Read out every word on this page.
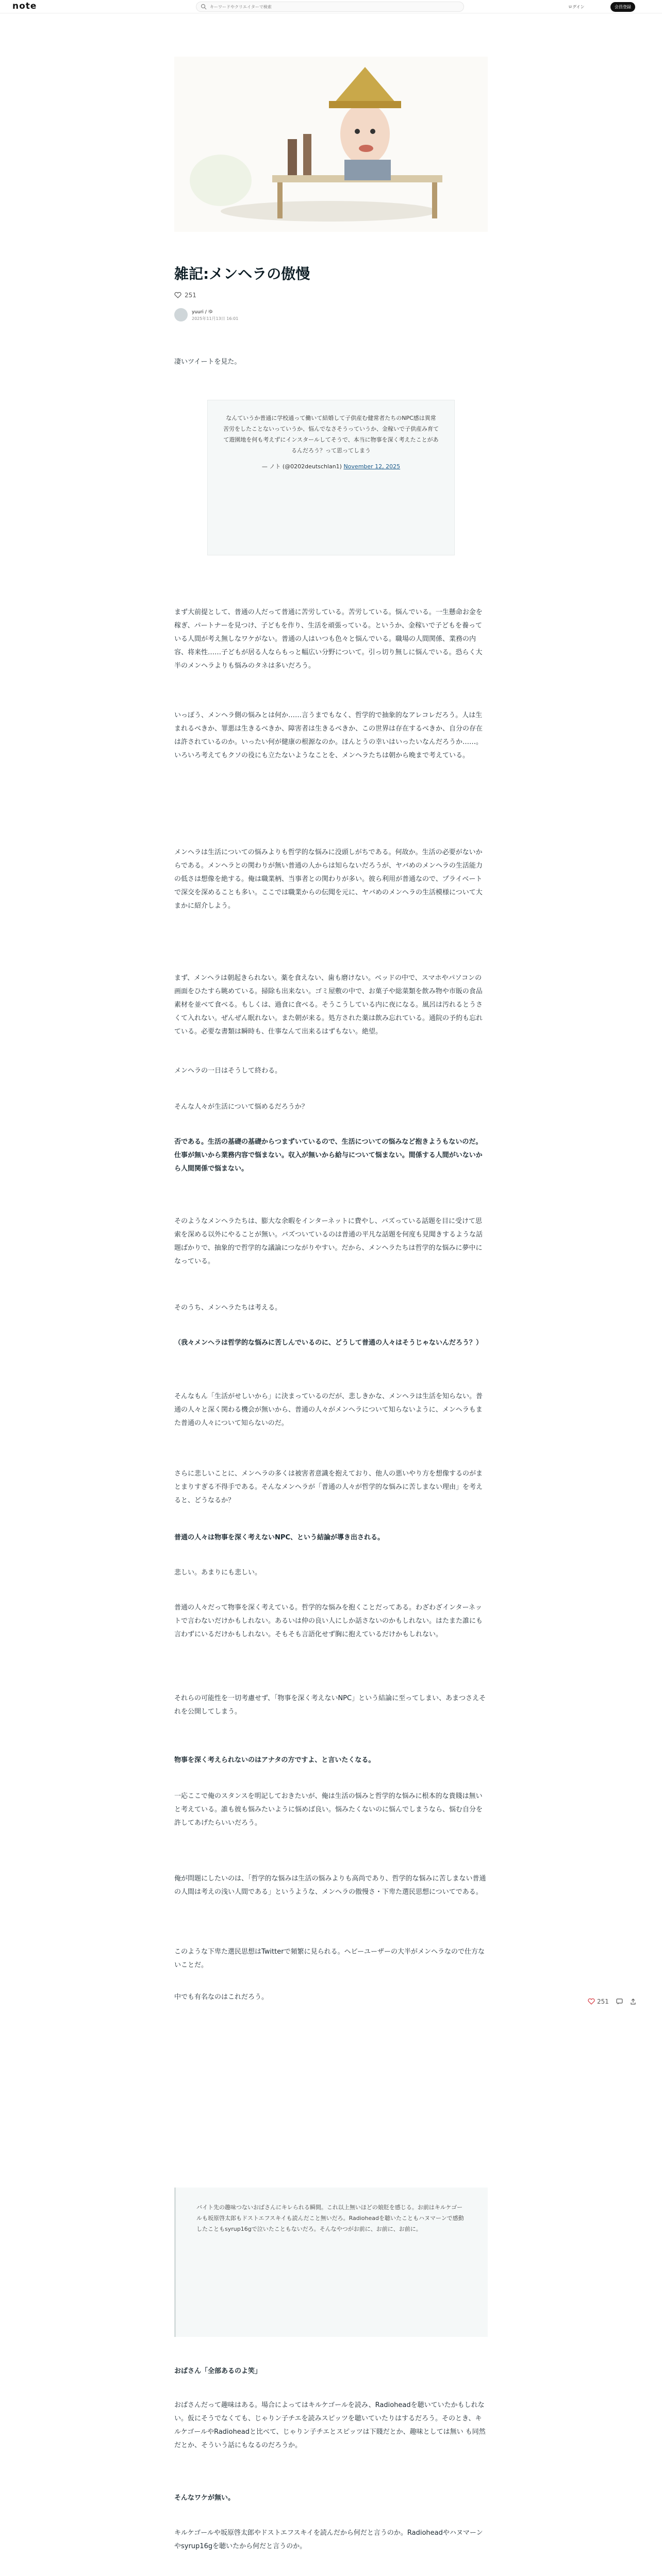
note
キーワードやクリエイターで検索	ログイン	会員登録
雑記:メンヘラの傲慢
251
yuuri / ゆ
2025年11月13日 16:01

凄いツイートを見た。

なんていうか普通に学校通って働いて結婚して子供産む健常者たちのNPC感は異常 苦労をしたことないっていうか、悩んでなさそうっていうか、金稼いで子供産み育てて遊園地を何も考えずにインスタールしてそうで、本当に物事を深く考えたことがあるんだろう？って思ってしまう
— ノト (@0202deutschlan1) November 12, 2025

まず大前提として、普通の人だって普通に苦労している。苦労している。悩んでいる。一生懸命お金を稼ぎ、パートナーを見つけ、子どもを作り、生活を頑張っている。というか、金稼いで子どもを養っている人間が考え無しなワケがない。普通の人はいつも色々と悩んでいる。職場の人間関係、業務の内容、将来性……子どもが居る人ならもっと幅広い分野について。引っ切り無しに悩んでいる。恐らく大半のメンヘラよりも悩みのタネは多いだろう。

いっぽう、メンヘラ側の悩みとは何か……言うまでもなく、哲学的で抽象的なアレコレだろう。人は生まれるべきか、罪悪は生きるべきか、障害者は生きるべきか、この世界は存在するべきか、自分の存在は許されているのか。いったい何が健康の根源なのか。ほんとうの幸いはいったいなんだろうか……。いろいろ考えてもクソの役にも立たないようなことを、メンヘラたちは朝から晩まで考えている。

メンヘラは生活についての悩みよりも哲学的な悩みに没頭しがちである。何故か。生活の必要がないからである。メンヘラとの関わりが無い普通の人からは知らないだろうが、ヤバめのメンヘラの生活能力の低さは想像を絶する。俺は職業柄、当事者との関わりが多い。彼ら利用が普通なので、プライベートで深交を深めることも多い。ここでは職業からの伝聞を元に、ヤバめのメンヘラの生活模様について大まかに紹介しよう。

まず、メンヘラは朝起きられない。薬を食えない、歯も磨けない。ベッドの中で、スマホやパソコンの画面をひたすら眺めている。掃除も出来ない。ゴミ屋敷の中で、お菓子や総菜類を飲み物や市販の食品素材を並べて食べる。もしくは、過食に食べる。そうこうしている内に夜になる。風呂は汚れるとうさくて入れない。ぜんぜん眠れない。また朝が来る。処方された薬は飲み忘れている。通院の予約も忘れている。必要な書類は瞬時も、仕事なんて出来るはずもない。絶望。

メンヘラの一日はそうして終わる。

そんな人々が生活について悩めるだろうか？

否である。生活の基礎の基礎からつまずいているので、生活についての悩みなど抱きようもないのだ。仕事が無いから業務内容で悩まない。収入が無いから給与について悩まない。間係する人間がいないから人間関係で悩まない。

そのようなメンヘラたちは、膨大な余暇をインターネットに費やし、バズっている話題を目に受けて思索を深める以外にやることが無い。バズついているのは普通の平凡な話題を何度も見聞きするような話題ばかりで、抽象的で哲学的な議論につながりやすい。だから、メンヘラたちは哲学的な悩みに夢中になっている。

そのうち、メンヘラたちは考える。

（我々メンヘラは哲学的な悩みに苦しんでいるのに、どうして普通の人々はそうじゃないんだろう？）

そんなもん「生活がせしいから」に決まっているのだが、悲しきかな、メンヘラは生活を知らない。普通の人々と深く関わる機会が無いから、普通の人々がメンヘラについて知らないように、メンヘラもまた普通の人々について知らないのだ。

さらに悲しいことに、メンヘラの多くは被害者意識を抱えており、他人の悪いやり方を想像するのがまとまりすぎる不得手である。そんなメンヘラが「普通の人々が哲学的な悩みに苦しまない理由」を考えると、どうなるか？

普通の人々は物事を深く考えないNPC、という結論が導き出される。

悲しい。あまりにも悲しい。

普通の人々だって物事を深く考えている。哲学的な悩みを抱くことだってある。わざわざインターネットで言わないだけかもしれない。あるいは仲の良い人にしか話さないのかもしれない。はたまた誰にも言わずにいるだけかもしれない。そもそも言語化せず胸に抱えているだけかもしれない。

それらの可能性を一切考慮せず、「物事を深く考えないNPC」という結論に至ってしまい、あまつさえそれを公開してしまう。

物事を深く考えられないのはアナタの方ですよ、と言いたくなる。

一応ここで俺のスタンスを明記しておきたいが、俺は生活の悩みと哲学的な悩みに根本的な貴賤は無いと考えている。誰も彼も悩みたいように悩めば良い。悩みたくないのに悩んでしまうなら、悩む自分を許してあげたらいいだろう。

俺が問題にしたいのは、「哲学的な悩みは生活の悩みよりも高尚であり、哲学的な悩みに苦しまない普通の人間は考えの浅い人間である」というような、メンヘラの傲慢さ・下卑た選民思想についてである。

このような下卑た選民思想はTwitterで頻繁に見られる。ヘビーユーザーの大半がメンヘラなので仕方ないことだ。

中でも有名なのはこれだろう。

251
バイト先の趣味つないおばさんにキレられる瞬間。これ以上無いほどの娘貶を感じる。お前はキルケゴールも坂原啓太郎もドストエフスキイも読んだこと無いだろ。Radioheadを聴いたこともハヌマーンで感動したこともsyrup16gで泣いたこともないだろ。そんなやつがお前に、お前に、お前に。

おばさん「全部あるのよ笑」

おばさんだって趣味はある。場合によってはキルケゴールを読み、Radioheadを聴いていたかもしれない。仮にそうでなくても、じゃりン子チエを読みスピッツを聴いていたりはするだろう。そのとき、キルケゴールやRadioheadと比べて、じゃりン子チエとスピッツは下賤だとか、趣味としては無い も同然だとか、そういう話にもなるのだろうか。

そんなワケが無い。

キルケゴールや坂原啓太郎やドストエフスキイを読んだから何だと言うのか。Radioheadやハヌマーンやsyrup16gを聴いたから何だと言うのか。
